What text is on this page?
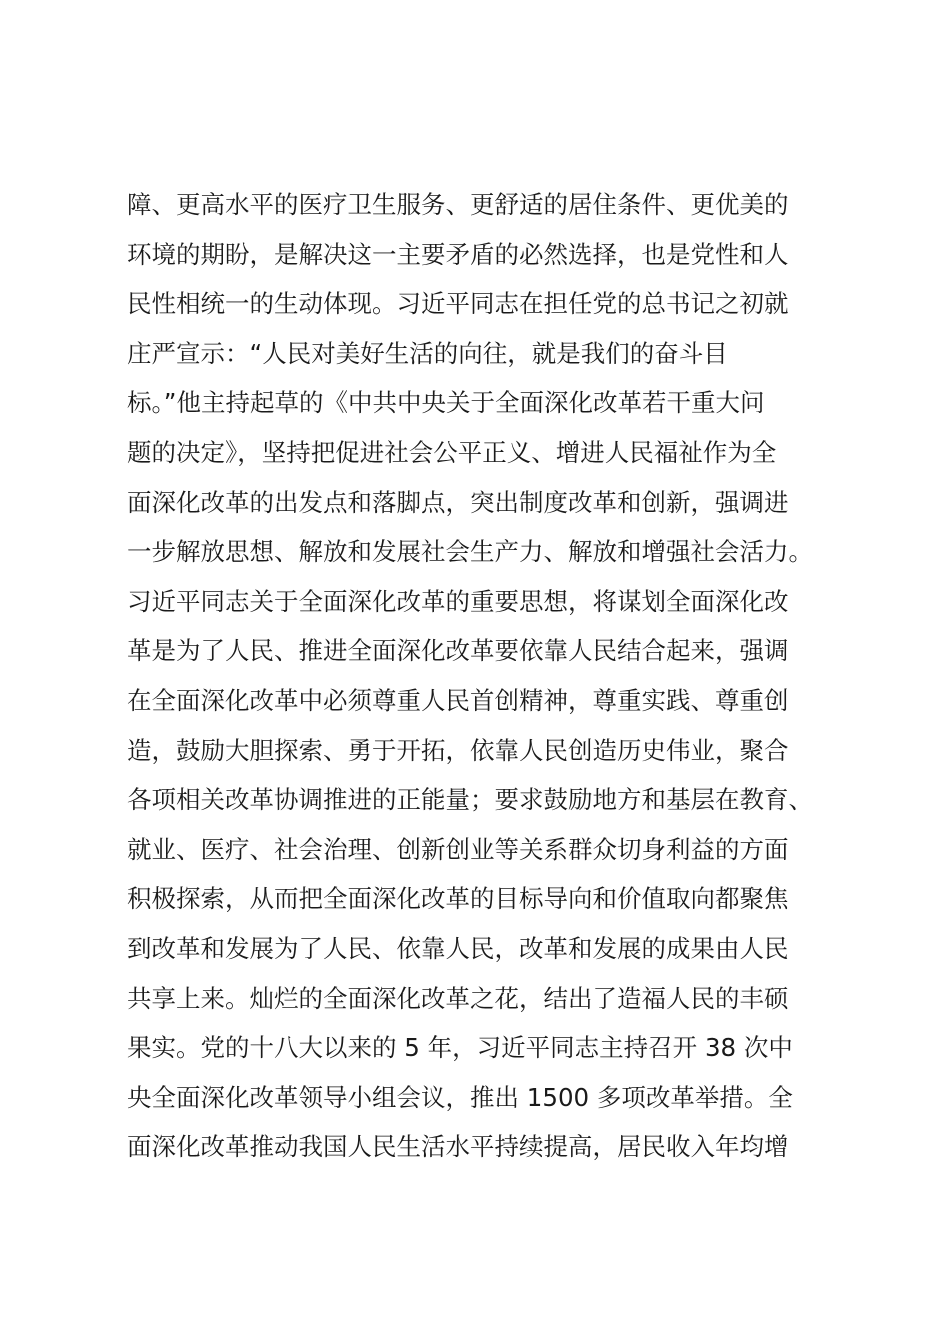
障、更高水平的医疗卫生服务、更舒适的居住条件、更优美的
环境的期盼，是解决这一主要矛盾的必然选择，也是党性和人
民性相统一的生动体现。习近平同志在担任党的总书记之初就
庄严宣示：“人民对美好生活的向往，就是我们的奋斗目
标。”他主持起草的《中共中央关于全面深化改革若干重大问
题的决定》，坚持把促进社会公平正义、增进人民福祉作为全
面深化改革的出发点和落脚点，突出制度改革和创新，强调进
一步解放思想、解放和发展社会生产力、解放和增强社会活力。
习近平同志关于全面深化改革的重要思想，将谋划全面深化改
革是为了人民、推进全面深化改革要依靠人民结合起来，强调
在全面深化改革中必须尊重人民首创精神，尊重实践、尊重创
造，鼓励大胆探索、勇于开拓，依靠人民创造历史伟业，聚合
各项相关改革协调推进的正能量；要求鼓励地方和基层在教育、
就业、医疗、社会治理、创新创业等关系群众切身利益的方面
积极探索，从而把全面深化改革的目标导向和价值取向都聚焦
到改革和发展为了人民、依靠人民，改革和发展的成果由人民
共享上来。灿烂的全面深化改革之花，结出了造福人民的丰硕
果实。党的十八大以来的 5 年，习近平同志主持召开 38 次中
央全面深化改革领导小组会议，推出 1500 多项改革举措。全
面深化改革推动我国人民生活水平持续提高，居民收入年均增
